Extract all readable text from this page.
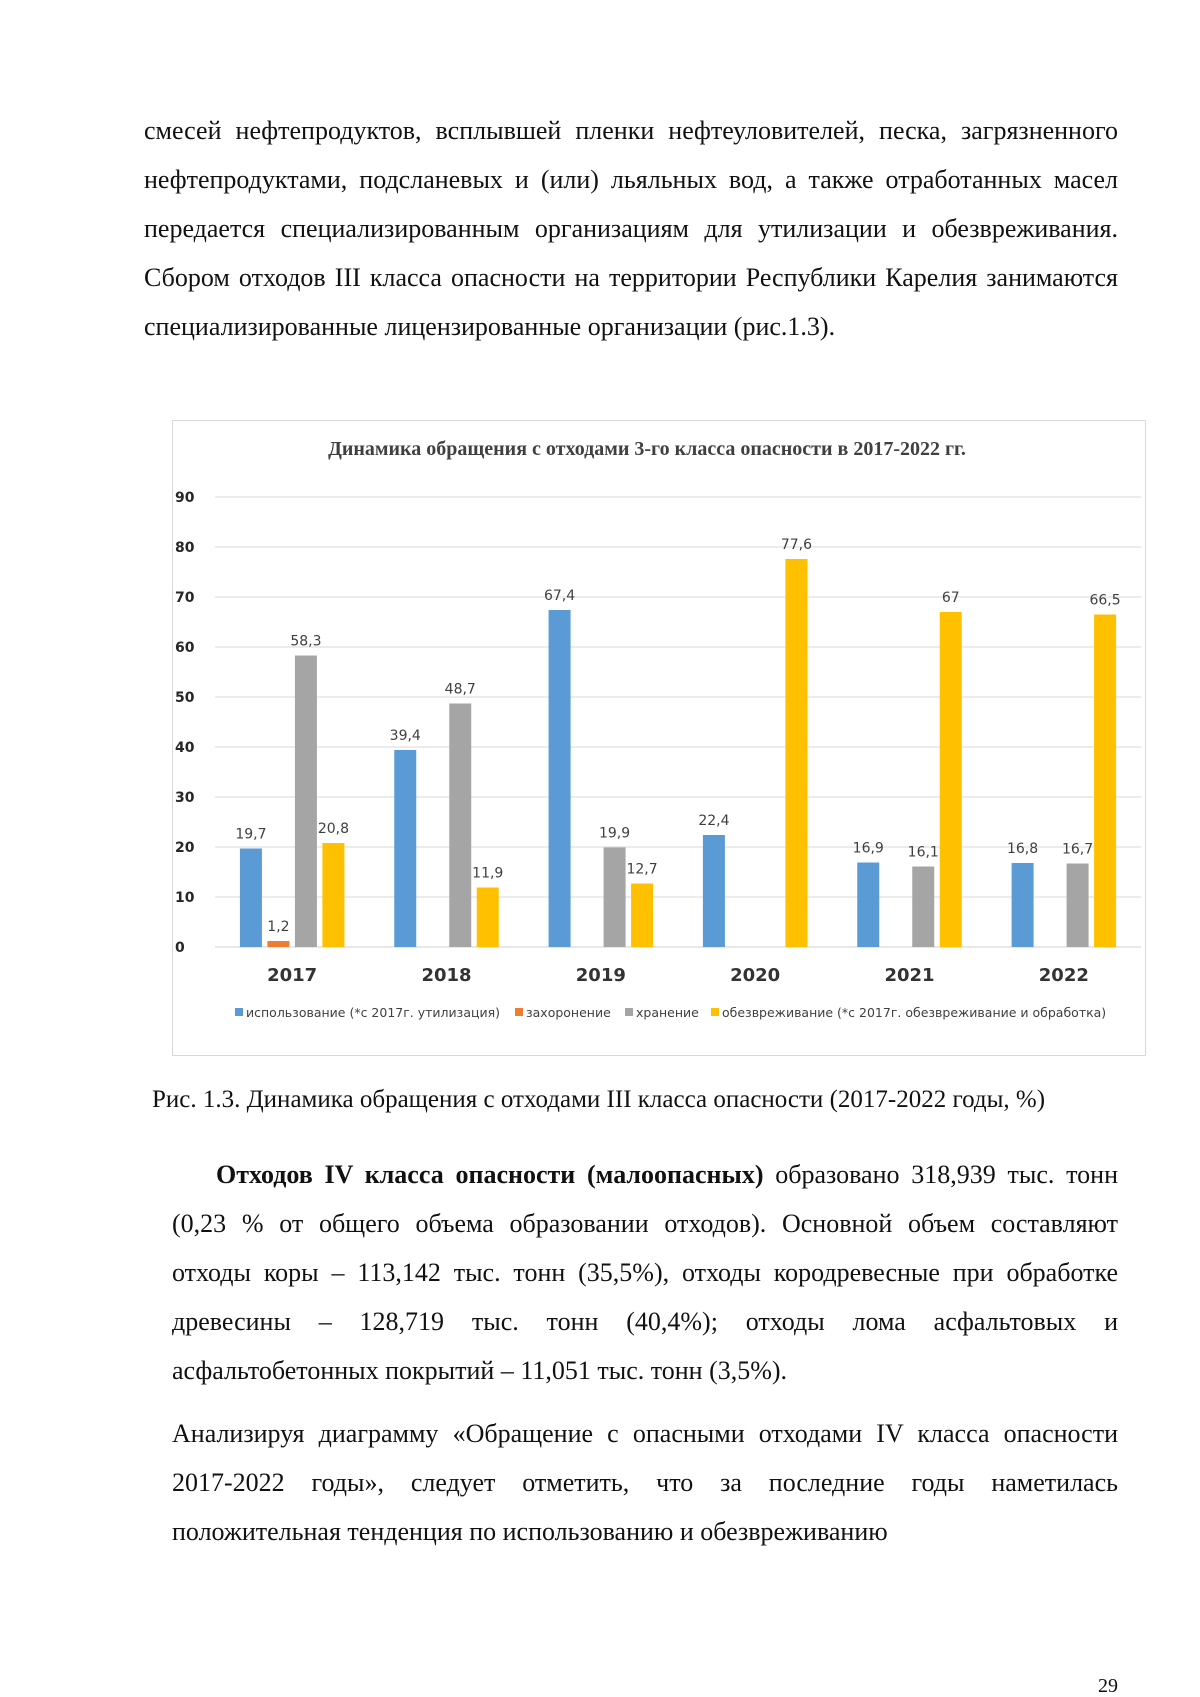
смесей нефтепродуктов, всплывшей пленки нефтеуловителей, песка, загрязненного нефтепродуктами, подсланевых и (или) льяльных вод, а также отработанных масел передается специализированным организациям для утилизации и обезвреживания. Сбором отходов III класса опасности на территории Республики Карелия занимаются специализированные лицензированные организации (рис.1.3).

Динамика обращения с отходами 3-го класса опасности в 2017-2022 гг.
0
10
20
30
40
50
60
70
80
90
19,7
1,2
58,3
20,8
39,4
48,7
11,9
67,4
19,9
12,7
22,4
77,6
16,9 16,1
67
16,8 16,7
66,5
2017	2018	2019	2020	2021	2022
использование (*с 2017г. утилизация) захоронение хранение обезвреживание (*с 2017г. обезвреживание и обработка)

Рис. 1.3. Динамика обращения с отходами III класса опасности (2017-2022 годы, %)

Отходов IV класса опасности (малоопасных) образовано 318,939 тыс. тонн (0,23 % от общего объема образовании отходов). Основной объем составляют отходы коры – 113,142 тыс. тонн (35,5%), отходы кородревесные при обработке древесины – 128,719 тыс. тонн (40,4%); отходы лома асфальтовых и асфальтобетонных покрытий – 11,051 тыс. тонн (3,5%).

Анализируя диаграмму «Обращение с опасными отходами IV класса опасности 2017-2022 годы», следует отметить, что за последние годы наметилась положительная тенденция по использованию и обезвреживанию

29
